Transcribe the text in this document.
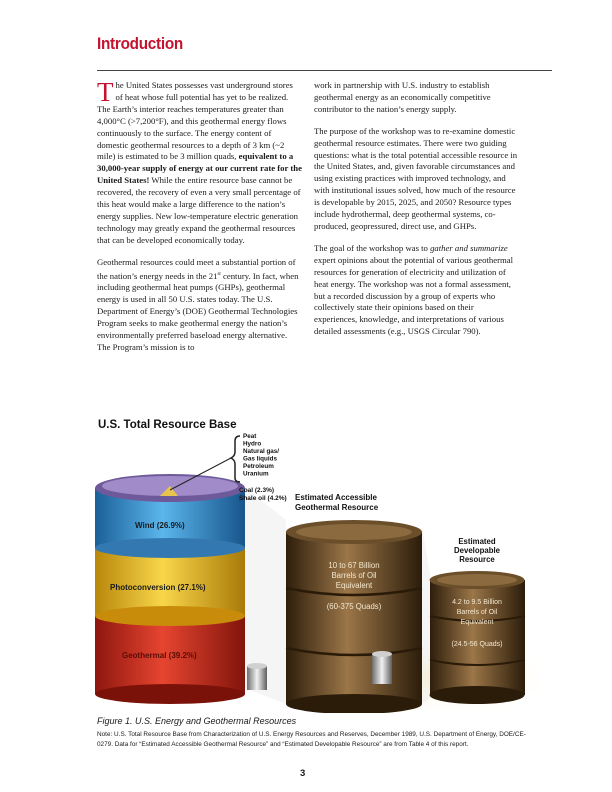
Introduction

The United States possesses vast underground stores of heat whose full potential has yet to be realized. The Earth’s interior reaches temperatures greater than 4,000°C (>7,200°F), and this geothermal energy flows continuously to the surface. The energy content of domestic geothermal resources to a depth of 3 km (~2 mile) is estimated to be 3 million quads, equivalent to a 30,000-year supply of energy at our current rate for the United States! While the entire resource base cannot be recovered, the recovery of even a very small percentage of this heat would make a large difference to the nation’s energy supplies. New low-temperature electric generation technology may greatly expand the geothermal resources that can be developed economically today.

Geothermal resources could meet a substantial portion of the nation’s energy needs in the 21st century. In fact, when including geothermal heat pumps (GHPs), geothermal energy is used in all 50 U.S. states today. The U.S. Department of Energy’s (DOE) Geothermal Technologies Program seeks to make geothermal energy the nation’s environmentally preferred baseload energy alternative. The Program’s mission is to

work in partnership with U.S. industry to establish geothermal energy as an economically competitive contributor to the nation’s energy supply.

The purpose of the workshop was to re-examine domestic geothermal resource estimates. There were two guiding questions: what is the total potential accessible resource in the United States, and, given favorable circumstances and using existing practices with improved technology, and with institutional issues solved, how much of the resource is developable by 2015, 2025, and 2050? Resource types include hydrothermal, deep geothermal systems, co-produced, geopressured, direct use, and GHPs.

The goal of the workshop was to gather and summarize expert opinions about the potential of various geothermal resources for generation of electricity and utilization of heat energy. The workshop was not a formal assessment, but a recorded discussion by a group of experts who collectively state their opinions based on their experiences, knowledge, and interpretations of various detailed assessments (e.g., USGS Circular 790).

U.S. Total Resource Base
Peat
Hydro
Natural gas/
Gas liquids
Petroleum
Uranium
Coal (2.3%)
Shale oil (4.2%)
Wind (26.9%)
Photoconversion (27.1%)
Geothermal (39.2%)
Estimated Accessible
Geothermal Resource
10 to 67 Billion
Barrels of Oil
Equivalent
(60-375 Quads)
Estimated
Developable
Resource
4.2 to 9.5 Billion
Barrels of Oil
Equivalent
(24.5-56 Quads)

Figure 1. U.S. Energy and Geothermal Resources

Note: U.S. Total Resource Base from Characterization of U.S. Energy Resources and Reserves, December 1989, U.S. Department of Energy, DOE/CE-0279. Data for “Estimated Accessible Geothermal Resource” and “Estimated Developable Resource” are from Table 4 of this report.

3
